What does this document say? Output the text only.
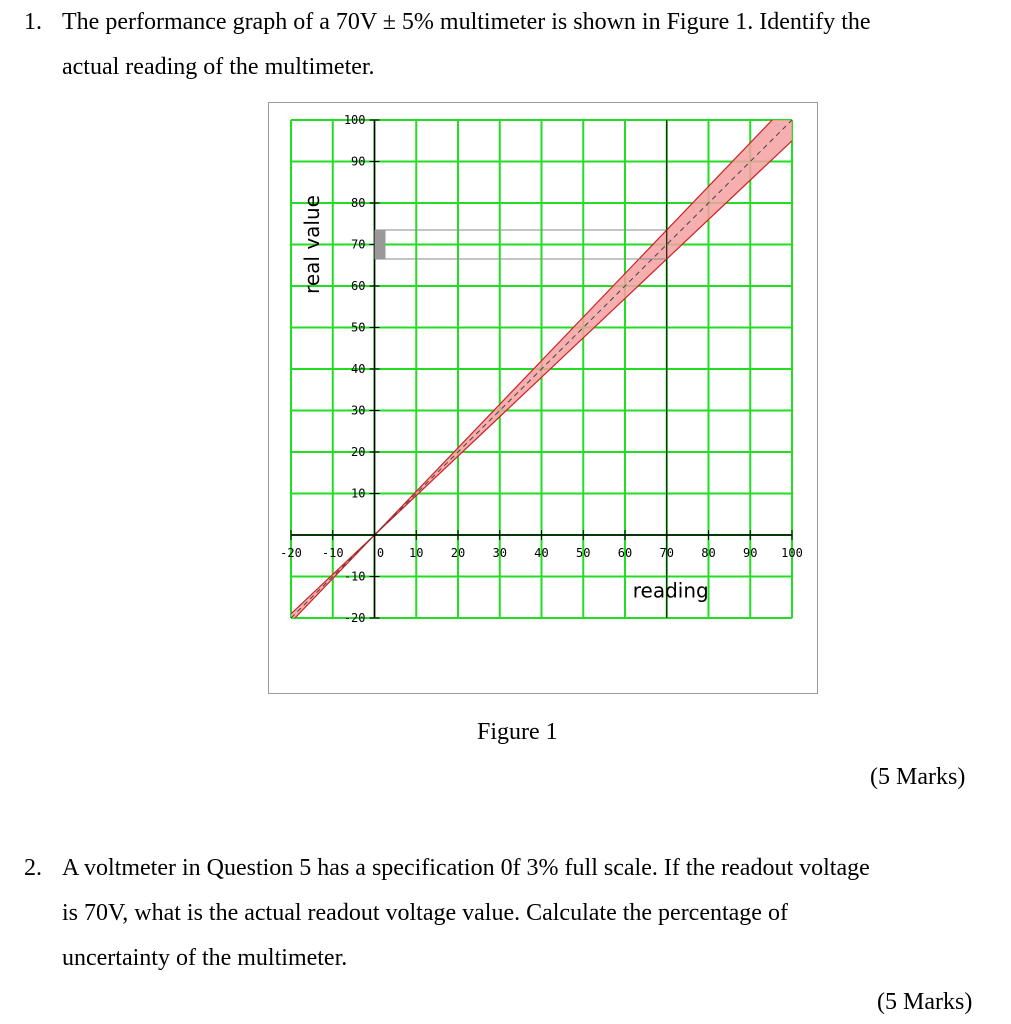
1. The performance graph of a 70V ± 5% multimeter is shown in Figure 1. Identify the
actual reading of the multimeter.
-20 -10	0 10 20 30 40 50 60 70 80 90 100
-20
-10
10
20
30
40
50
60
70
80
90
100
reading
real value
Figure 1
(5 Marks)
2. A voltmeter in Question 5 has a specification 0f 3% full scale. If the readout voltage
is 70V, what is the actual readout voltage value. Calculate the percentage of
uncertainty of the multimeter.
(5 Marks)
